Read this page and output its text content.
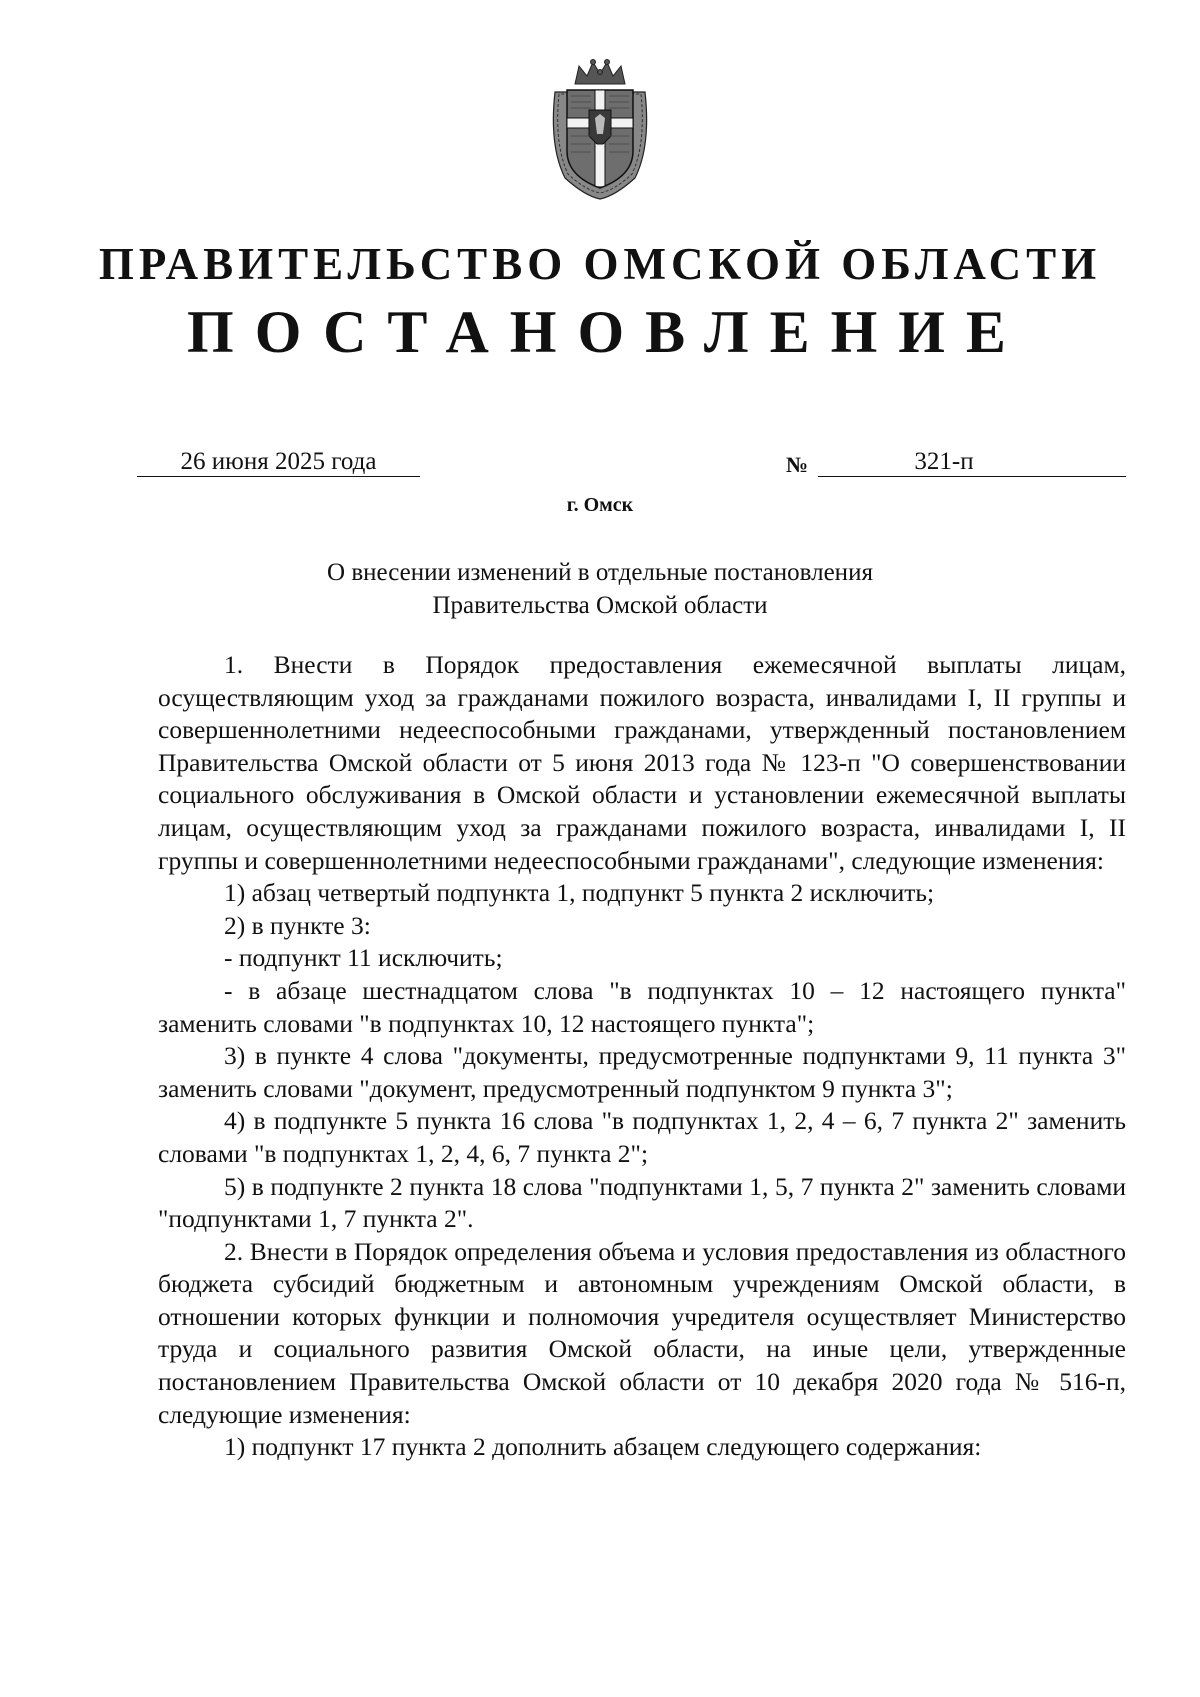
ПРАВИТЕЛЬСТВО ОМСКОЙ ОБЛАСТИ
ПОСТАНОВЛЕНИЕ
26 июня 2025 года	№	321-п
г. Омск
О внесении изменений в отдельные постановления
Правительства Омской области

1. Внести в Порядок предоставления ежемесячной выплаты лицам, осуществляющим уход за гражданами пожилого возраста, инвалидами I, II группы и совершеннолетними недееспособными гражданами, утвержденный постановлением Правительства Омской области от 5 июня 2013 года № 123-п "О совершенствовании социального обслуживания в Омской области и установлении ежемесячной выплаты лицам, осуществляющим уход за гражданами пожилого возраста, инвалидами I, II группы и совершеннолетними недееспособными гражданами", следующие изменения:

1) абзац четвертый подпункта 1, подпункт 5 пункта 2 исключить;

2) в пункте 3:

- подпункт 11 исключить;

- в абзаце шестнадцатом слова "в подпунктах 10 – 12 настоящего пункта" заменить словами "в подпунктах 10, 12 настоящего пункта";

3) в пункте 4 слова "документы, предусмотренные подпунктами 9, 11 пункта 3" заменить словами "документ, предусмотренный подпунктом 9 пункта 3";

4) в подпункте 5 пункта 16 слова "в подпунктах 1, 2, 4 – 6, 7 пункта 2" заменить словами "в подпунктах 1, 2, 4, 6, 7 пункта 2";

5) в подпункте 2 пункта 18 слова "подпунктами 1, 5, 7 пункта 2" заменить словами "подпунктами 1, 7 пункта 2".

2. Внести в Порядок определения объема и условия предоставления из областного бюджета субсидий бюджетным и автономным учреждениям Омской области, в отношении которых функции и полномочия учредителя осуществляет Министерство труда и социального развития Омской области, на иные цели, утвержденные постановлением Правительства Омской области от 10 декабря 2020 года № 516-п, следующие изменения:

1) подпункт 17 пункта 2 дополнить абзацем следующего содержания:
